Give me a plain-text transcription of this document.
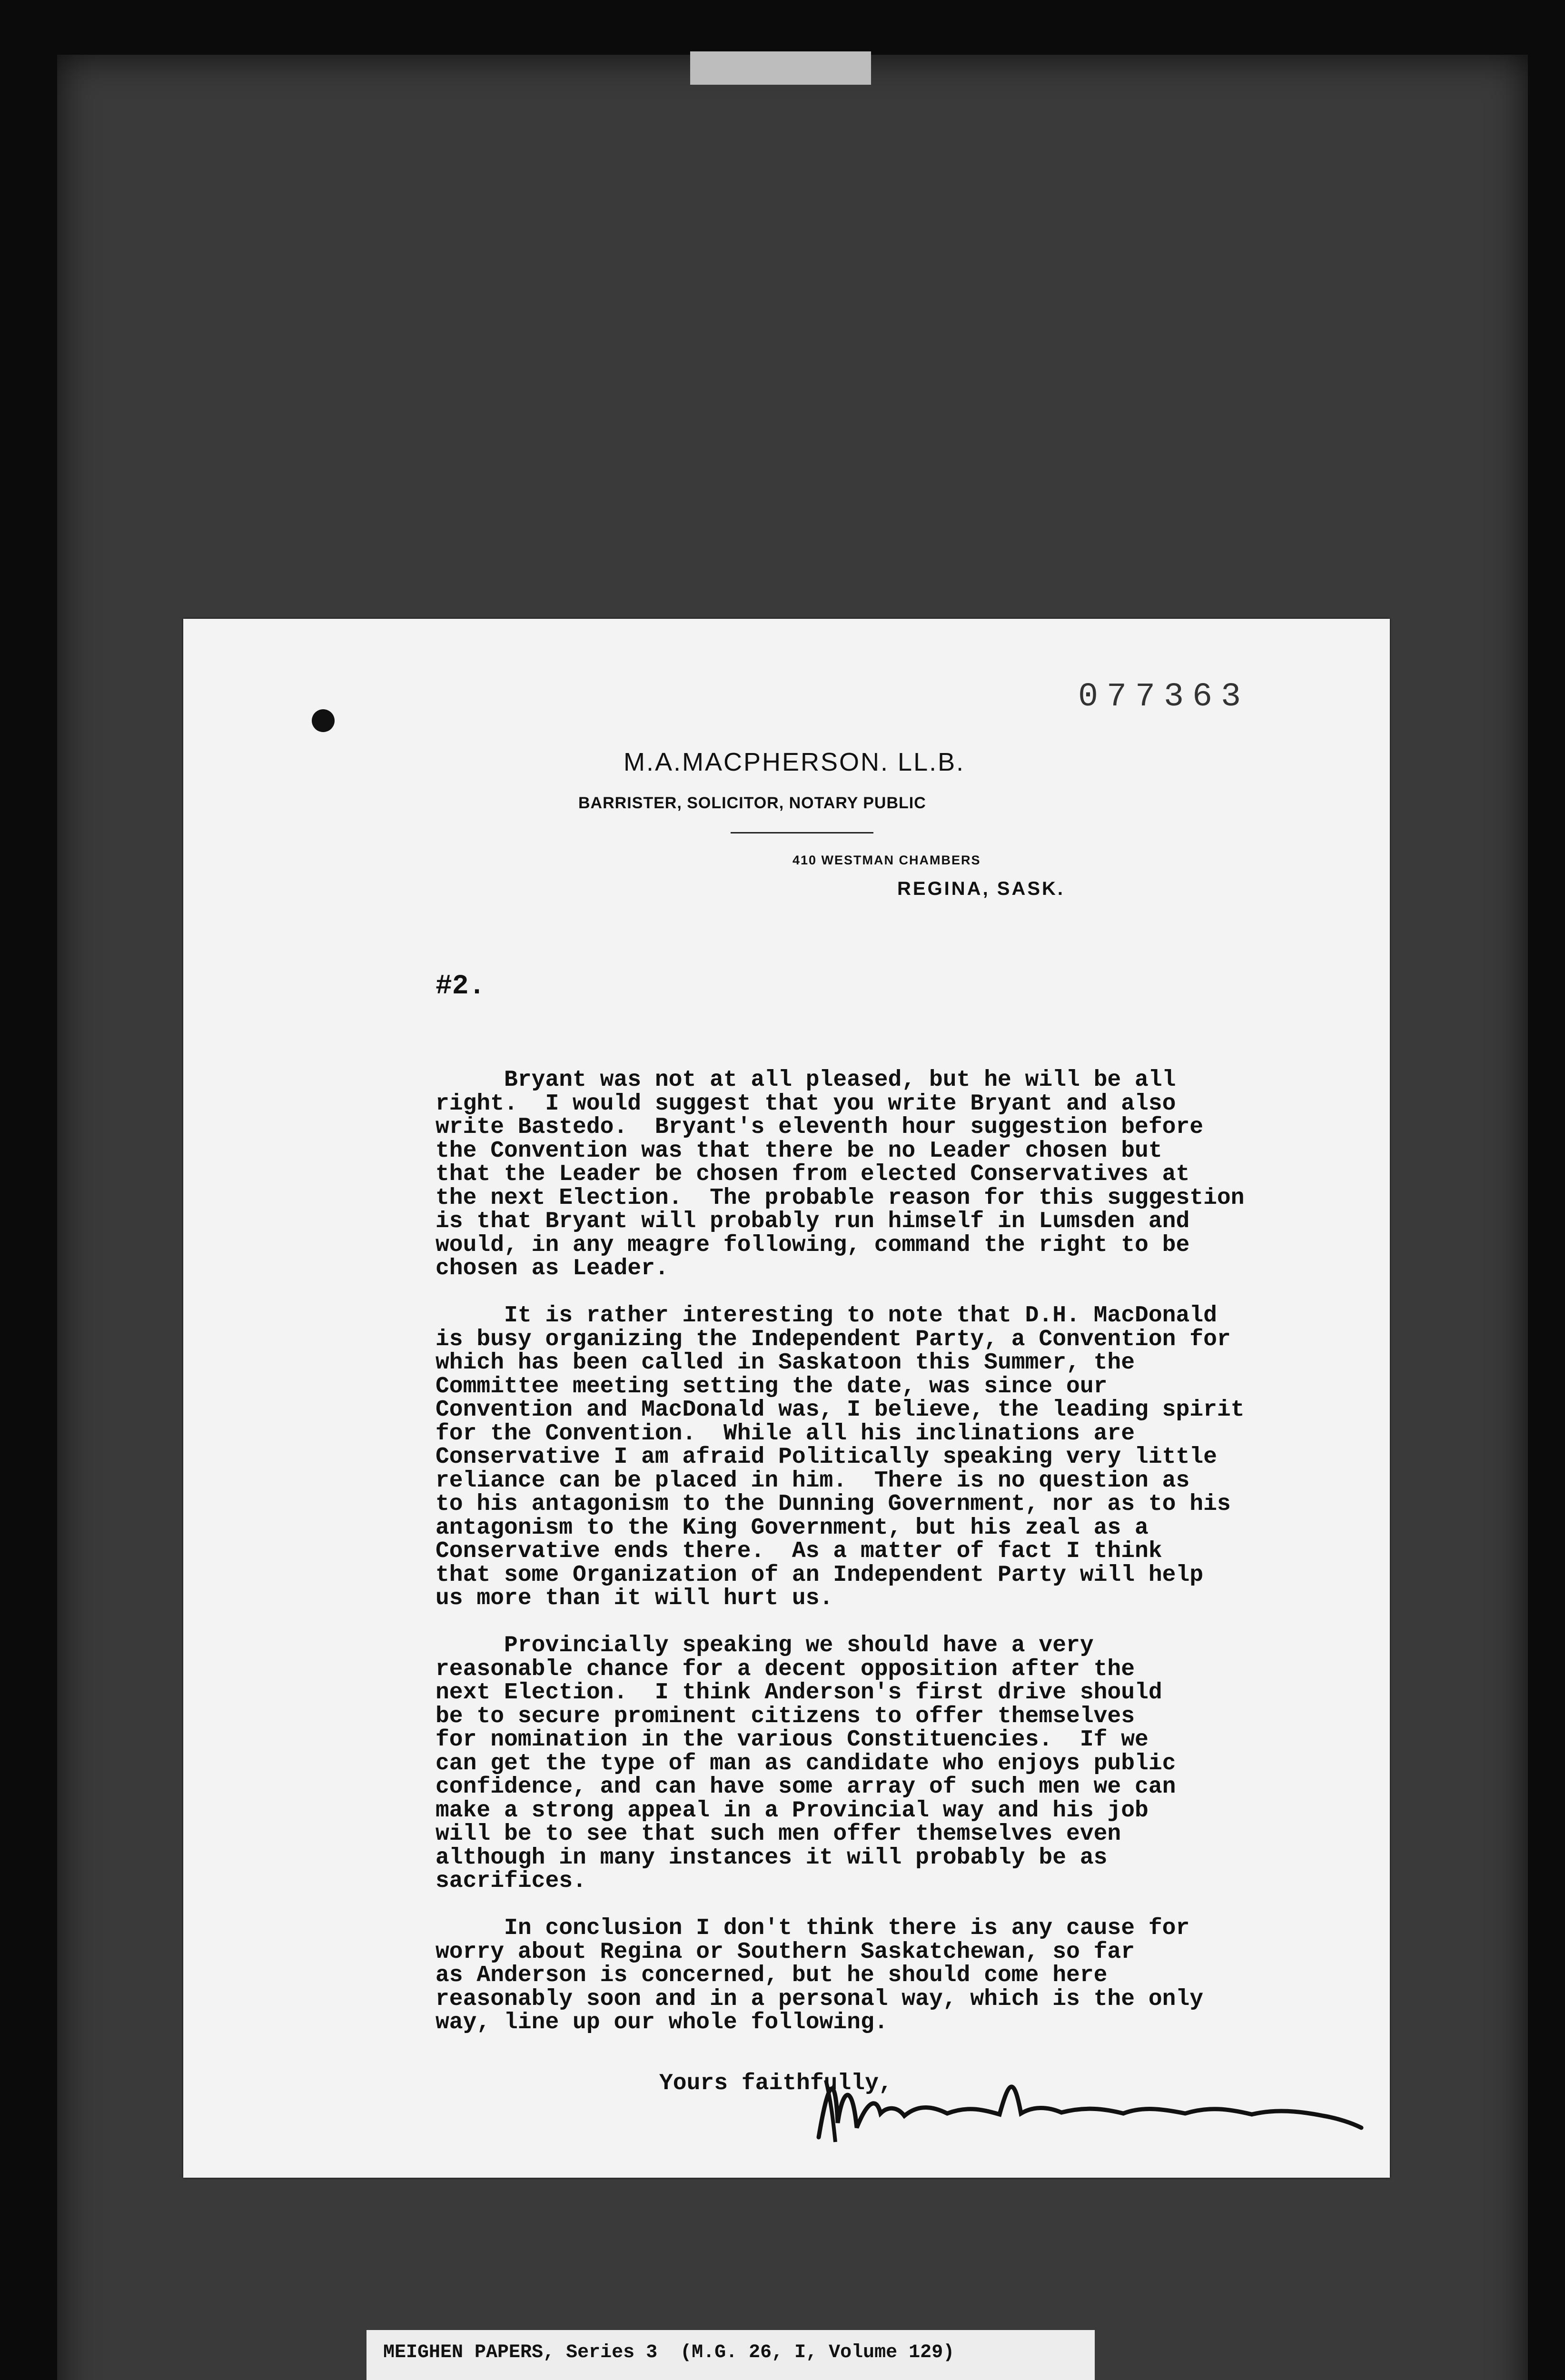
077363
M.A.MACPHERSON. LL.B.
BARRISTER, SOLICITOR, NOTARY PUBLIC
410 WESTMAN CHAMBERS
REGINA, SASK.
#2.

Bryant was not at all pleased, but he will be all
right.  I would suggest that you write Bryant and also
write Bastedo.  Bryant's eleventh hour suggestion before
the Convention was that there be no Leader chosen but
that the Leader be chosen from elected Conservatives at
the next Election.  The probable reason for this suggestion
is that Bryant will probably run himself in Lumsden and
would, in any meagre following, command the right to be
chosen as Leader.

It is rather interesting to note that D.H. MacDonald
is busy organizing the Independent Party, a Convention for
which has been called in Saskatoon this Summer, the
Committee meeting setting the date, was since our
Convention and MacDonald was, I believe, the leading spirit
for the Convention.  While all his inclinations are
Conservative I am afraid Politically speaking very little
reliance can be placed in him.  There is no question as
to his antagonism to the Dunning Government, nor as to his
antagonism to the King Government, but his zeal as a
Conservative ends there.  As a matter of fact I think
that some Organization of an Independent Party will help
us more than it will hurt us.

Provincially speaking we should have a very
reasonable chance for a decent opposition after the
next Election.  I think Anderson's first drive should
be to secure prominent citizens to offer themselves
for nomination in the various Constituencies.  If we
can get the type of man as candidate who enjoys public
confidence, and can have some array of such men we can
make a strong appeal in a Provincial way and his job
will be to see that such men offer themselves even
although in many instances it will probably be as
sacrifices.

In conclusion I don't think there is any cause for
worry about Regina or Southern Saskatchewan, so far
as Anderson is concerned, but he should come here
reasonably soon and in a personal way, which is the only
way, line up our whole following.

Yours faithfully,
MEIGHEN PAPERS, Series 3  (M.G. 26, I, Volume 129)
